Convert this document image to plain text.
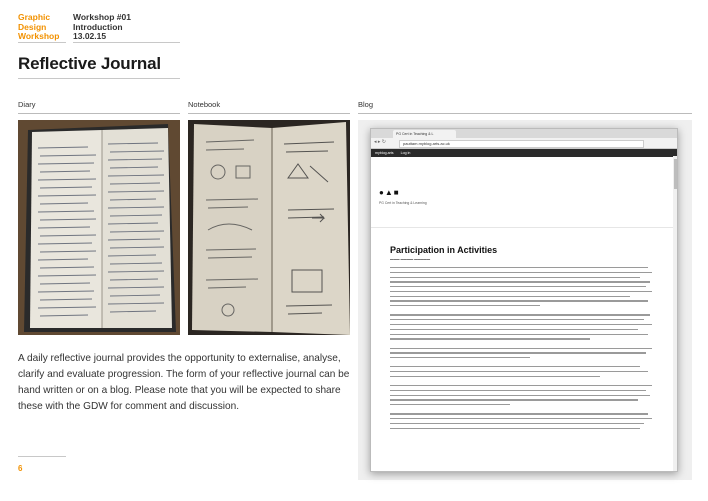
Graphic
Design
Workshop
Workshop #01
Introduction
13.02.15
Reflective Journal
Diary	Notebook	Blog
PG Cert in Teaching & L
◂ ▸ ↻	pauttam.myblog.arts.ac.uk
myblog.arts Log in
●▲■
PG Cert in Teaching & Learning
Participation in Activities
▬▬▬ ▬▬▬▬ ▬▬▬▬▬
A daily reflective journal provides the opportunity to externalise, analyse, clarify and evaluate progression. The form of your reflective journal can be hand written or on a blog. Please note that you will be expected to share these with the GDW for comment and discussion.
6
